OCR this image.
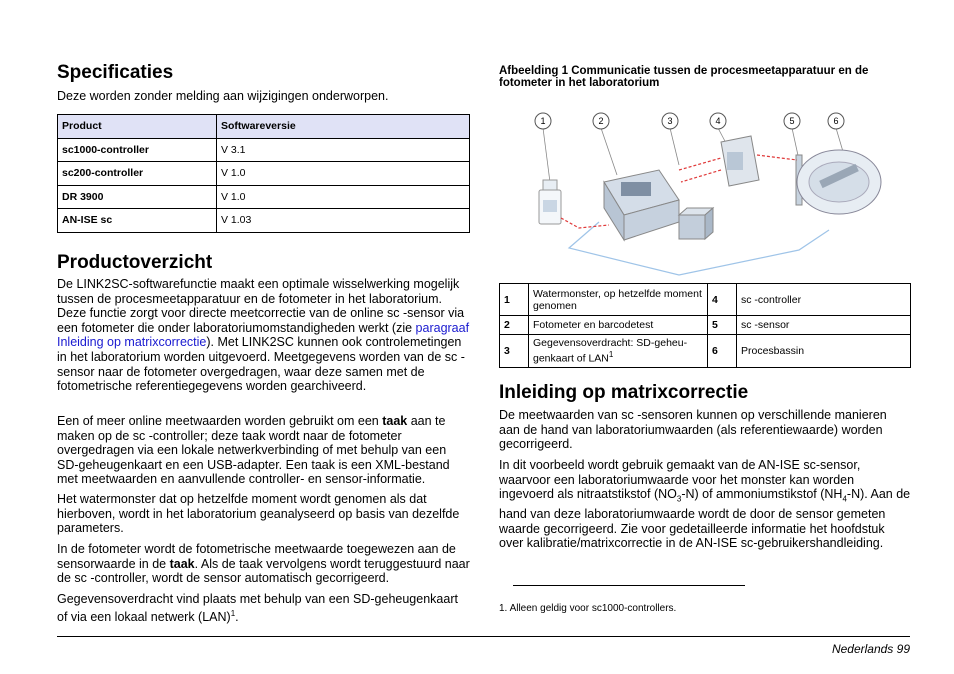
Specificaties

Deze worden zonder melding aan wijzigingen onderworpen.

Product	Softwareversie
sc1000-controller	V 3.1
sc200-controller	V 1.0
DR 3900	V 1.0
AN-ISE sc	V 1.03
Productoverzicht

De LINK2SC-softwarefunctie maakt een optimale wisselwerking mogelijk tussen de procesmeetapparatuur en de fotometer in het laboratorium. Deze functie zorgt voor directe meetcorrectie van de online sc -sensor via een fotometer die onder laboratoriumomstandigheden werkt (zie paragraaf Inleiding op matrixcorrectie). Met LINK2SC kunnen ook controlemetingen in het laboratorium worden uitgevoerd. Meetgegevens worden van de sc -sensor naar de fotometer overgedragen, waar deze samen met de fotometrische referentiegegevens worden gearchiveerd.

Een of meer online meetwaarden worden gebruikt om een taak aan te maken op de sc -controller; deze taak wordt naar de fotometer overgedragen via een lokale netwerkverbinding of met behulp van een SD-geheugenkaart en een USB-adapter. Een taak is een XML-bestand met meetwaarden en aanvullende controller- en sensor-informatie.

Het watermonster dat op hetzelfde moment wordt genomen als dat hierboven, wordt in het laboratorium geanalyseerd op basis van dezelfde parameters.

In de fotometer wordt de fotometrische meetwaarde toegewezen aan de sensorwaarde in de taak. Als de taak vervolgens wordt teruggestuurd naar de sc -controller, wordt de sensor automatisch gecorrigeerd.

Gegevensoverdracht vind plaats met behulp van een SD-geheugenkaart of via een lokaal netwerk (LAN)$^1$.

Afbeelding 1 Communicatie tussen de procesmeetapparatuur en de fotometer in het laboratorium
1	2	3	4	5	6
1	Watermonster, op hetzelfde moment genomen	4	sc -controller
2	Fotometer en barcodetest	5	sc -sensor
3	Gegevensoverdracht: SD-geheu-genkaart of LAN$^1$	6	Procesbassin
Inleiding op matrixcorrectie

De meetwaarden van sc -sensoren kunnen op verschillende manieren aan de hand van laboratoriumwaarden (als referentiewaarde) worden gecorrigeerd.

In dit voorbeeld wordt gebruik gemaakt van de AN-ISE sc-sensor, waarvoor een laboratoriumwaarde voor het monster kan worden ingevoerd als nitraatstikstof $(NO_3-N)$ of ammoniumstikstof $(NH_4-N)$. Aan de hand van deze laboratoriumwaarde wordt de door de sensor gemeten waarde gecorrigeerd. Zie voor gedetailleerde informatie het hoofdstuk over kalibratie/matrixcorrectie in de AN-ISE sc-gebruikershandleiding.

1. Alleen geldig voor sc1000-controllers.
Nederlands 99
